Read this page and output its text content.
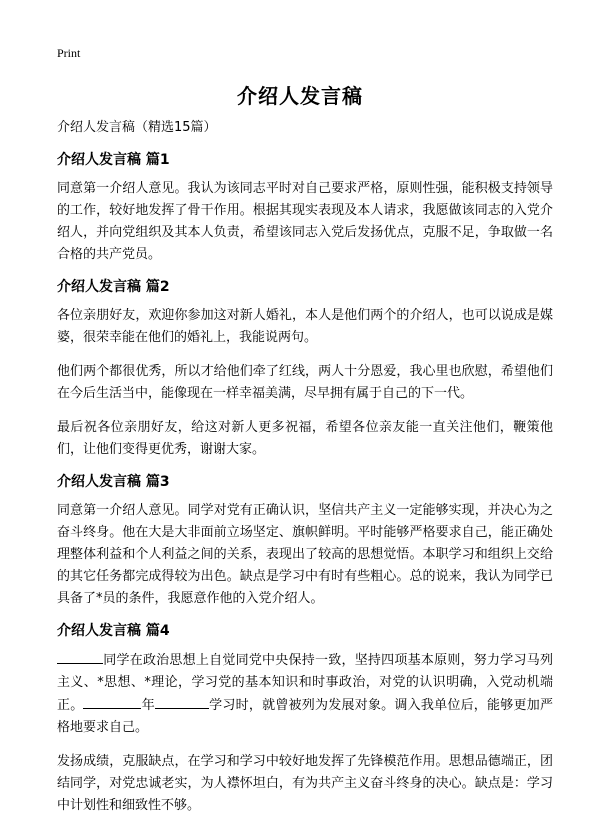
Print
介绍人发言稿
介绍人发言稿（精选15篇）
介绍人发言稿 篇1

同意第一介绍人意见。我认为该同志平时对自己要求严格，原则性强，能积极支持领导的工作，较好地发挥了骨干作用。根据其现实表现及本人请求，我愿做该同志的入党介绍人，并向党组织及其本人负责，希望该同志入党后发扬优点，克服不足，争取做一名合格的共产党员。

介绍人发言稿 篇2

各位亲朋好友，欢迎你参加这对新人婚礼，本人是他们两个的介绍人，也可以说成是媒婆，很荣幸能在他们的婚礼上，我能说两句。

他们两个都很优秀，所以才给他们牵了红线，两人十分恩爱，我心里也欣慰，希望他们在今后生活当中，能像现在一样幸福美满，尽早拥有属于自己的下一代。

最后祝各位亲朋好友，给这对新人更多祝福，希望各位亲友能一直关注他们，鞭策他们，让他们变得更优秀，谢谢大家。

介绍人发言稿 篇3

同意第一介绍人意见。同学对党有正确认识，坚信共产主义一定能够实现，并决心为之奋斗终身。他在大是大非面前立场坚定、旗帜鲜明。平时能够严格要求自己，能正确处理整体利益和个人利益之间的关系，表现出了较高的思想觉悟。本职学习和组织上交给的其它任务都完成得较为出色。缺点是学习中有时有些粗心。总的说来，我认为同学已具备了*员的条件，我愿意作他的入党介绍人。

介绍人发言稿 篇4

同学在政治思想上自觉同党中央保持一致，坚持四项基本原则，努力学习马列主义、*思想、*理论，学习党的基本知识和时事政治，对党的认识明确，入党动机端正。	年	学习时，就曾被列为发展对象。调入我单位后，能够更加严格地要求自己。

发扬成绩，克服缺点，在学习和学习中较好地发挥了先锋模范作用。思想品德端正，团结同学，对党忠诚老实，为人襟怀坦白，有为共产主义奋斗终身的决心。缺点是：学习中计划性和细致性不够。
